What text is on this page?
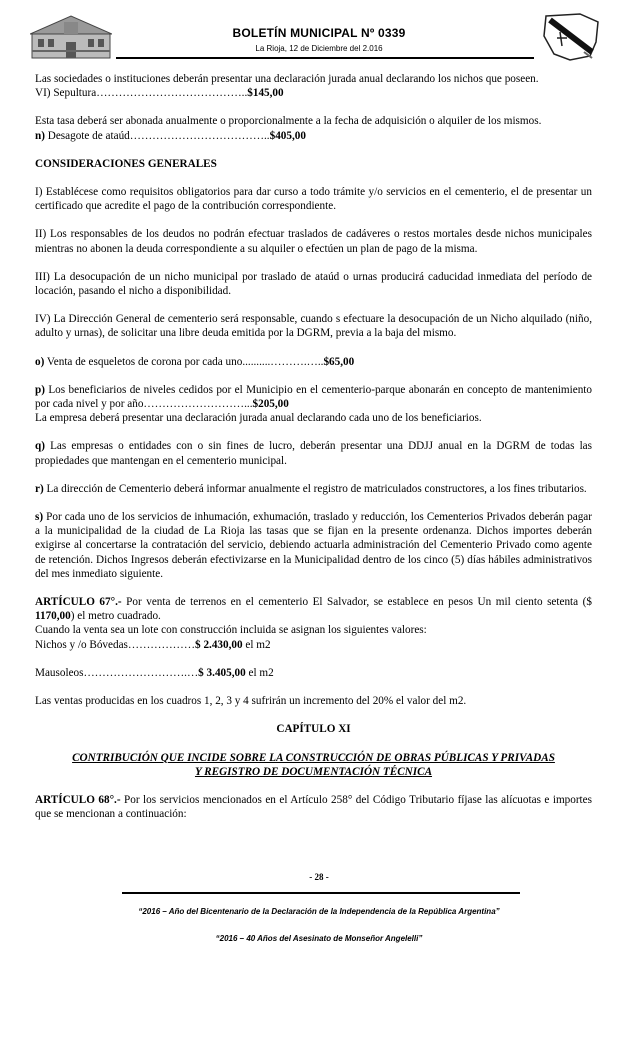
BOLETÍN MUNICIPAL Nº 0339
La Rioja, 12 de Diciembre del 2.016

Las sociedades o instituciones deberán presentar una declaración jurada anual declarando los nichos que poseen.

VI) Sepultura…………………………………..$145,00

Esta tasa deberá ser abonada anualmente o proporcionalmente a la fecha de adquisición o alquiler de los mismos.

n) Desagote de ataúd………………………………..$405,00

CONSIDERACIONES GENERALES

I) Establécese como requisitos obligatorios para dar curso a todo trámite y/o servicios en el cementerio, el de presentar un certificado que acredite el pago de la contribución correspondiente.

II) Los responsables de los deudos no podrán efectuar traslados de cadáveres o restos mortales desde nichos municipales mientras no abonen la deuda correspondiente a su alquiler o efectúen un plan de pago de la misma.

III) La desocupación de un nicho municipal por traslado de ataúd o urnas producirá caducidad inmediata del período de locación, pasando el nicho a disponibilidad.

IV) La Dirección General de cementerio será responsable, cuando s efectuare la desocupación de un Nicho alquilado (niño, adulto y urnas), de solicitar una libre deuda emitida por la DGRM, previa a la baja del mismo.

o) Venta de esqueletos de corona por cada uno..........……….…..$65,00

p) Los beneficiarios de niveles cedidos por el Municipio en el cementerio-parque abonarán en concepto de mantenimiento por cada nivel y por año………………………...$205,00

La empresa deberá presentar una declaración jurada anual declarando cada uno de los beneficiarios.

q) Las empresas o entidades con o sin fines de lucro, deberán presentar una DDJJ anual en la DGRM de todas las propiedades que mantengan en el cementerio municipal.

r) La dirección de Cementerio deberá informar anualmente el registro de matriculados constructores, a los fines tributarios.

s) Por cada uno de los servicios de inhumación, exhumación, traslado y reducción, los Cementerios Privados deberán pagar a la municipalidad de la ciudad de La Rioja las tasas que se fijan en la presente ordenanza. Dichos importes deberán exigirse al concertarse la contratación del servicio, debiendo actuarla administración del Cementerio Privado como agente de retención. Dichos Ingresos deberán efectivizarse en la Municipalidad dentro de los cinco (5) días hábiles administrativos del mes inmediato siguiente.

ARTÍCULO 67°.- Por venta de terrenos en el cementerio El Salvador, se establece en pesos Un mil ciento setenta ($ 1170,00) el metro cuadrado.

Cuando la venta sea un lote con construcción incluida se asignan los siguientes valores:

Nichos y /o Bóvedas………………$ 2.430,00 el m2

Mausoleos……………………….…$ 3.405,00 el m2

Las ventas producidas en los cuadros 1, 2, 3 y 4 sufrirán un incremento del 20% el valor del m2.

CAPÍTULO XI

CONTRIBUCIÓN QUE INCIDE SOBRE LA CONSTRUCCIÓN DE OBRAS PÚBLICAS Y PRIVADAS
Y REGISTRO DE DOCUMENTACIÓN TÉCNICA

ARTÍCULO 68°.- Por los servicios mencionados en el Artículo 258° del Código Tributario fíjase las alícuotas e importes que se mencionan a continuación:

- 28 -
“2016 – Año del Bicentenario de la Declaración de la Independencia de la República Argentina”
“2016 – 40 Años del Asesinato de Monseñor Angelelli”
